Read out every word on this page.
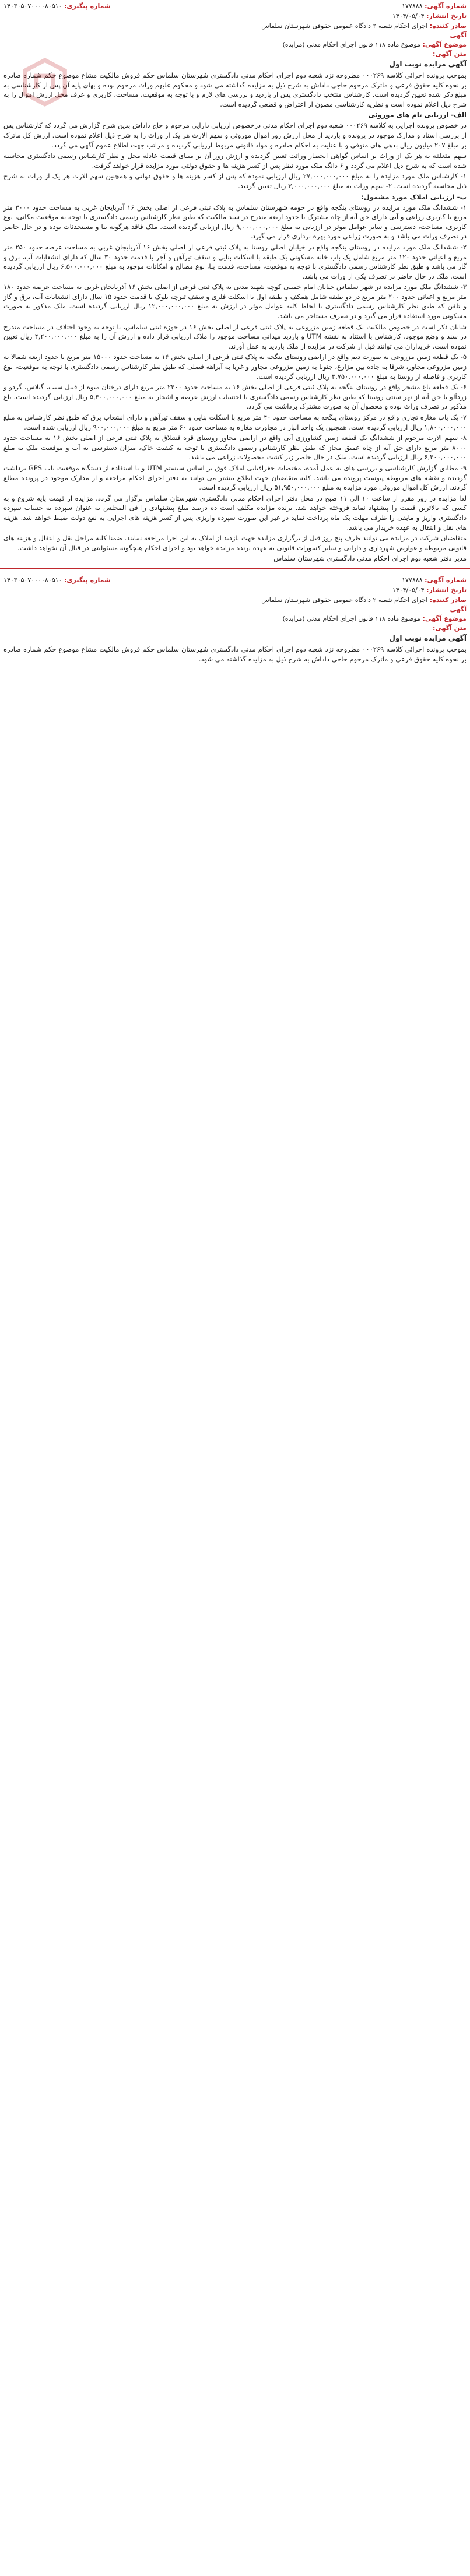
شماره آگهی: ۱۷۷۸۸۸
شماره پیگیری: ۱۴۰۳۰۵۰۷۰۰۰۰۸۰۵۱۰
تاریخ انتشار: ۱۴۰۴/۰۵/۰۴
صادر کننده: اجرای احکام شعبه ۲ دادگاه عمومی حقوقی شهرستان سلماس
آگهی
موضوع آگهی: موضوع ماده ۱۱۸ قانون اجرای احکام مدنی (مزایده)
متن آگهی:
آگهی مزایده نوبت اول

بموجب پرونده اجرائی کلاسه ۰۰۰۲۶۹ مطروحه نزد شعبه دوم اجرای احکام مدنی دادگستری شهرستان سلماس حکم فروش مالکیت مشاع موضوع حکم شماره صادره بر نحوه کلیه حقوق فرعی و ماترک مرحوم حاجی داداش به شرح ذیل به مزایده گذاشته می شود و محکوم علیهم وراث مرحوم بوده و بهای پایه آن پس از کارشناسی به مبلغ ذکر شده تعیین گردیده است. کارشناس منتخب دادگستری پس از بازدید و بررسی های لازم و با توجه به موقعیت، مساحت، کاربری و عرف محل ارزش اموال را به شرح ذیل اعلام نموده است و نظریه کارشناسی مصون از اعتراض و قطعی گردیده است.

الف- ارزیابی تام های موروثی

در خصوص پرونده اجرایی به کلاسه ۰۰۰۲۶۹ شعبه دوم اجرای احکام مدنی درخصوص ارزیابی دارایی مرحوم و حاج داداش بدین شرح گزارش می گردد که کارشناس پس از بررسی اسناد و مدارک موجود در پرونده و بازدید از محل ارزش روز اموال موروثی و سهم الارث هر یک از وراث را به شرح ذیل اعلام نموده است. ارزش کل ماترک بر مبلغ ۲۰۷ میلیون ریال بدهی های متوفی و با عنایت به احکام صادره و مواد قانونی مربوط ارزیابی گردیده و مراتب جهت اطلاع عموم آگهی می گردد.

سهم متعلقه به هر یک از وراث بر اساس گواهی انحصار وراثت تعیین گردیده و ارزش روز آن بر مبنای قیمت عادله محل و نظر کارشناس رسمی دادگستری محاسبه شده است که به شرح ذیل اعلام می گردد و ۶ دانگ ملک مورد نظر پس از کسر هزینه ها و حقوق دولتی مورد مزایده قرار خواهد گرفت.

۱- کارشناس ملک مورد مزایده را به مبلغ ۲۷,۰۰۰,۰۰۰,۰۰۰ ریال ارزیابی نموده که پس از کسر هزینه ها و حقوق دولتی و همچنین سهم الارث هر یک از وراث به شرح ذیل محاسبه گردیده است. ۲- سهم وراث به مبلغ ۳,۰۰۰,۰۰۰,۰۰۰ ریال تعیین گردید.

ب- ارزیابی املاک مورد مشمول:

۱- ششدانگ ملک مورد مزایده در روستای ینگجه واقع در حومه شهرستان سلماس به پلاک ثبتی فرعی از اصلی بخش ۱۶ آذربایجان غربی به مساحت حدود ۳۰۰۰ متر مربع با کاربری زراعی و آبی دارای حق آبه از چاه مشترک با حدود اربعه مندرج در سند مالکیت که طبق نظر کارشناس رسمی دادگستری با توجه به موقعیت مکانی، نوع کاربری، مساحت، دسترسی و سایر عوامل موثر در ارزیابی به مبلغ ۹,۰۰۰,۰۰۰,۰۰۰ ریال ارزیابی گردیده است. ملک فاقد هرگونه بنا و مستحدثات بوده و در حال حاضر در تصرف وراث می باشد و به صورت زراعی مورد بهره برداری قرار می گیرد.

۲- ششدانگ ملک مورد مزایده در روستای ینگجه واقع در خیابان اصلی روستا به پلاک ثبتی فرعی از اصلی بخش ۱۶ آذربایجان غربی به مساحت عرصه حدود ۲۵۰ متر مربع و اعیانی حدود ۱۲۰ متر مربع شامل یک باب خانه مسکونی یک طبقه با اسکلت بنایی و سقف تیرآهن و آجر با قدمت حدود ۳۰ سال که دارای انشعابات آب، برق و گاز می باشد و طبق نظر کارشناس رسمی دادگستری با توجه به موقعیت، مساحت، قدمت بنا، نوع مصالح و امکانات موجود به مبلغ ۶,۵۰۰,۰۰۰,۰۰۰ ریال ارزیابی گردیده است. ملک در حال حاضر در تصرف یکی از وراث می باشد.

۳- ششدانگ ملک مورد مزایده در شهر سلماس خیابان امام خمینی کوچه شهید مدنی به پلاک ثبتی فرعی از اصلی بخش ۱۶ آذربایجان غربی به مساحت عرصه حدود ۱۸۰ متر مربع و اعیانی حدود ۲۰۰ متر مربع در دو طبقه شامل همکف و طبقه اول با اسکلت فلزی و سقف تیرچه بلوک با قدمت حدود ۱۵ سال دارای انشعابات آب، برق و گاز و تلفن که طبق نظر کارشناس رسمی دادگستری با لحاظ کلیه عوامل موثر در ارزش به مبلغ ۱۲,۰۰۰,۰۰۰,۰۰۰ ریال ارزیابی گردیده است. ملک مذکور به صورت مسکونی مورد استفاده قرار می گیرد و در تصرف مستاجر می باشد.

شایان ذکر است در خصوص مالکیت یک قطعه زمین مزروعی به پلاک ثبتی فرعی از اصلی بخش ۱۶ در حوزه ثبتی سلماس، با توجه به وجود اختلاف در مساحت مندرج در سند و وضع موجود، کارشناس با استناد به نقشه UTM و بازدید میدانی مساحت موجود را ملاک ارزیابی قرار داده و ارزش آن را به مبلغ ۴,۲۰۰,۰۰۰,۰۰۰ ریال تعیین نموده است. خریداران می توانند قبل از شرکت در مزایده از ملک بازدید به عمل آورند.

۵- یک قطعه زمین مزروعی به صورت دیم واقع در اراضی روستای ینگجه به پلاک ثبتی فرعی از اصلی بخش ۱۶ به مساحت حدود ۱۵۰۰۰ متر مربع با حدود اربعه شمالا به زمین مزروعی مجاور، شرقا به جاده بین مزارع، جنوبا به زمین مزروعی مجاور و غربا به آبراهه فصلی که طبق نظر کارشناس رسمی دادگستری با توجه به موقعیت، نوع کاربری و فاصله از روستا به مبلغ ۳,۷۵۰,۰۰۰,۰۰۰ ریال ارزیابی گردیده است.

۶- یک قطعه باغ مشجر واقع در روستای ینگجه به پلاک ثبتی فرعی از اصلی بخش ۱۶ به مساحت حدود ۲۴۰۰ متر مربع دارای درختان میوه از قبیل سیب، گیلاس، گردو و زردآلو با حق آبه از نهر سنتی روستا که طبق نظر کارشناس رسمی دادگستری با احتساب ارزش عرصه و اشجار به مبلغ ۵,۴۰۰,۰۰۰,۰۰۰ ریال ارزیابی گردیده است. باغ مذکور در تصرف وراث بوده و محصول آن به صورت مشترک برداشت می گردد.

۷- یک باب مغازه تجاری واقع در مرکز روستای ینگجه به مساحت حدود ۴۰ متر مربع با اسکلت بنایی و سقف تیرآهن و دارای انشعاب برق که طبق نظر کارشناس به مبلغ ۱,۸۰۰,۰۰۰,۰۰۰ ریال ارزیابی گردیده است. همچنین یک واحد انبار در مجاورت مغازه به مساحت حدود ۶۰ متر مربع به مبلغ ۹۰۰,۰۰۰,۰۰۰ ریال ارزیابی شده است.

۸- سهم الارث مرحوم از ششدانگ یک قطعه زمین کشاورزی آبی واقع در اراضی مجاور روستای قره قشلاق به پلاک ثبتی فرعی از اصلی بخش ۱۶ به مساحت حدود ۸۰۰۰ متر مربع دارای حق آبه از چاه عمیق مجاز که طبق نظر کارشناس رسمی دادگستری با توجه به کیفیت خاک، میزان دسترسی به آب و موقعیت ملک به مبلغ ۶,۴۰۰,۰۰۰,۰۰۰ ریال ارزیابی گردیده است. ملک در حال حاضر زیر کشت محصولات زراعی می باشد.

۹- مطابق گزارش کارشناسی و بررسی های به عمل آمده، مختصات جغرافیایی املاک فوق بر اساس سیستم UTM و با استفاده از دستگاه موقعیت یاب GPS برداشت گردیده و نقشه های مربوطه پیوست پرونده می باشد. کلیه متقاضیان جهت اطلاع بیشتر می توانند به دفتر اجرای احکام مراجعه و از مدارک موجود در پرونده مطلع گردند. ارزش کل اموال موروثی مورد مزایده به مبلغ ۵۱,۹۵۰,۰۰۰,۰۰۰ ریال ارزیابی گردیده است.

لذا مزایده در روز مقرر از ساعت ۱۰ الی ۱۱ صبح در محل دفتر اجرای احکام مدنی دادگستری شهرستان سلماس برگزار می گردد. مزایده از قیمت پایه شروع و به کسی که بالاترین قیمت را پیشنهاد نماید فروخته خواهد شد. برنده مزایده مکلف است ده درصد مبلغ پیشنهادی را فی المجلس به عنوان سپرده به حساب سپرده دادگستری واریز و مابقی را ظرف مهلت یک ماه پرداخت نماید در غیر این صورت سپرده واریزی پس از کسر هزینه های اجرایی به نفع دولت ضبط خواهد شد. هزینه های نقل و انتقال به عهده خریدار می باشد.

متقاضیان شرکت در مزایده می توانند ظرف پنج روز قبل از برگزاری مزایده جهت بازدید از املاک به این اجرا مراجعه نمایند. ضمنا کلیه مراحل نقل و انتقال و هزینه های قانونی مربوطه و عوارض شهرداری و دارایی و سایر کسورات قانونی به عهده برنده مزایده خواهد بود و اجرای احکام هیچگونه مسئولیتی در قبال آن نخواهد داشت.

مدیر دفتر شعبه دوم اجرای احکام مدنی دادگستری شهرستان سلماس
شماره آگهی: ۱۷۷۸۸۸
شماره پیگیری: ۱۴۰۳۰۵۰۷۰۰۰۰۸۰۵۱۰
تاریخ انتشار: ۱۴۰۴/۰۵/۰۴
صادر کننده: اجرای احکام شعبه ۲ دادگاه عمومی حقوقی شهرستان سلماس
آگهی
موضوع آگهی: موضوع ماده ۱۱۸ قانون اجرای احکام مدنی (مزایده)
متن آگهی:
آگهی مزایده نوبت اول

بموجب پرونده اجرائی کلاسه ۰۰۰۲۶۹ مطروحه نزد شعبه دوم اجرای احکام مدنی دادگستری شهرستان سلماس حکم فروش مالکیت مشاع موضوع حکم شماره صادره بر نحوه کلیه حقوق فرعی و ماترک مرحوم حاجی داداش به شرح ذیل به مزایده گذاشته می شود.
